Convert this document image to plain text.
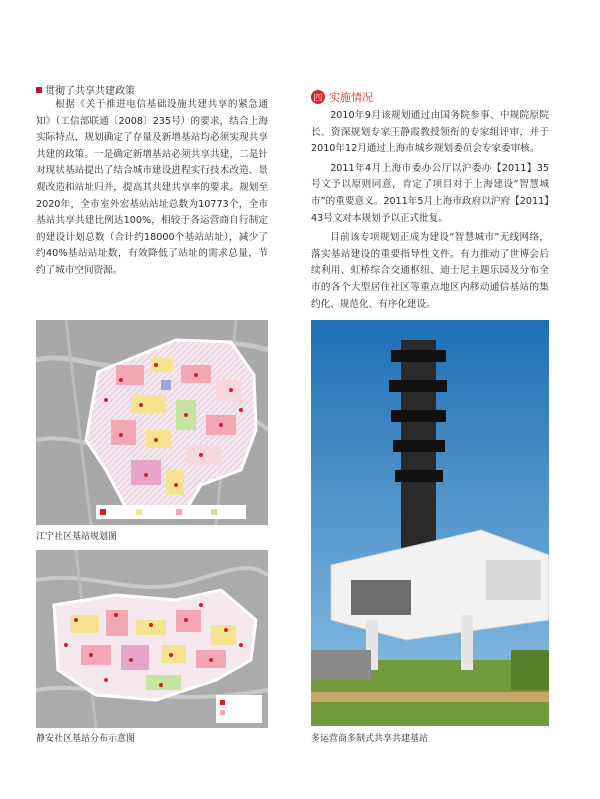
贯彻了共享共建政策

根据《关于推进电信基础设施共建共享的紧急通知》（工信部联通〔2008〕235号）的要求，结合上海实际特点，规划确定了存量及新增基站均必须实现共享共建的政策。一是确定新增基站必须共享共建，二是针对现状基站提出了结合城市建设进程实行技术改造、景观改造和站址归并，提高其共建共享率的要求。规划至2020年，全市室外宏基站站址总数为10773个，全市基站共享共建比例达100%，相较于各运营商自行制定的建设计划总数（合计约18000个基站站址），减少了约40%基站站址数，有效降低了站址的需求总量，节约了城市空间资源。

四 实施情况

2010年9月该规划通过由国务院参事、中规院原院长、资深规划专家王静霞教授领衔的专家组评审，并于2010年12月通过上海市城乡规划委员会专家委审核。

2011年4月上海市委办公厅以沪委办【2011】35号文予以原则同意，肯定了项目对于上海建设“智慧城市”的重要意义。2011年5月上海市政府以沪府【2011】43号文对本规划予以正式批复。

目前该专项规划正成为建设“智慧城市”无线网络，落实基站建设的重要指导性文件。有力推动了世博会后续利用、虹桥综合交通枢纽、迪士尼主题乐园及分布全市的各个大型居住社区等重点地区内移动通信基站的集约化、规范化、有序化建设。

江宁社区基站规划图
静安社区基站分布示意图	多运营商多制式共享共建基站
